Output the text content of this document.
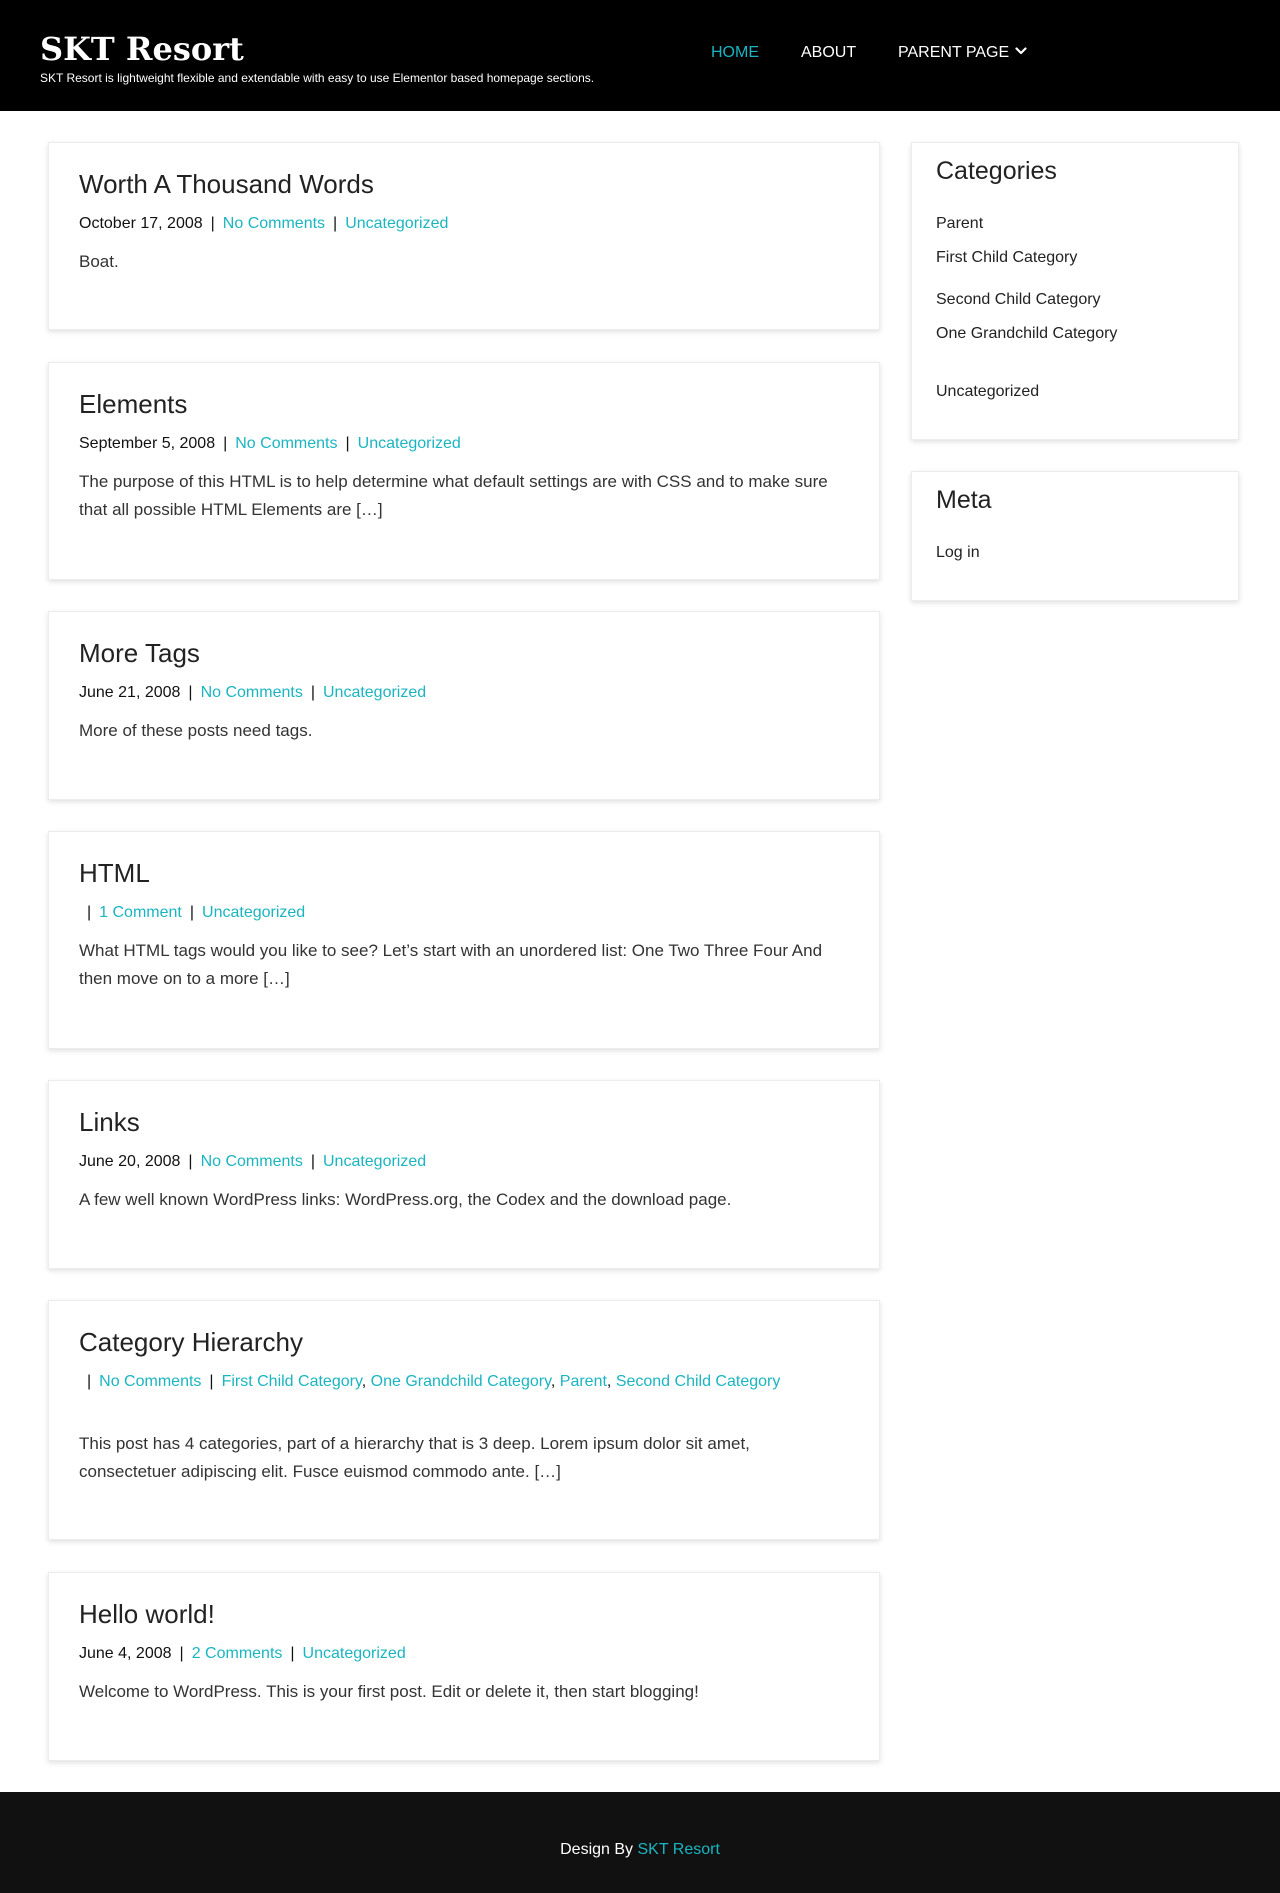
SKT Resort
SKT Resort is lightweight flexible and extendable with easy to use Elementor based homepage sections.
HOME	ABOUT	PARENT PAGE
Worth A Thousand Words
October 17, 2008 | No Comments | Uncategorized
Boat.
Elements
September 5, 2008 | No Comments | Uncategorized
The purpose of this HTML is to help determine what default settings are with CSS and to make sure that all possible HTML Elements are […]
More Tags
June 21, 2008 | No Comments | Uncategorized
More of these posts need tags.
HTML
| 1 Comment | Uncategorized
What HTML tags would you like to see? Let’s start with an unordered list: One Two Three Four And then move on to a more […]
Links
June 20, 2008 | No Comments | Uncategorized
A few well known WordPress links: WordPress.org, the Codex and the download page.
Category Hierarchy
| No Comments | First Child Category, One Grandchild Category, Parent, Second Child Category
This post has 4 categories, part of a hierarchy that is 3 deep. Lorem ipsum dolor sit amet, consectetuer adipiscing elit. Fusce euismod commodo ante. […]
Hello world!
June 4, 2008 | 2 Comments | Uncategorized
Welcome to WordPress. This is your first post. Edit or delete it, then start blogging!
Categories
Parent
First Child Category
Second Child Category
One Grandchild Category
Uncategorized
Meta
Log in
Design By SKT Resort
